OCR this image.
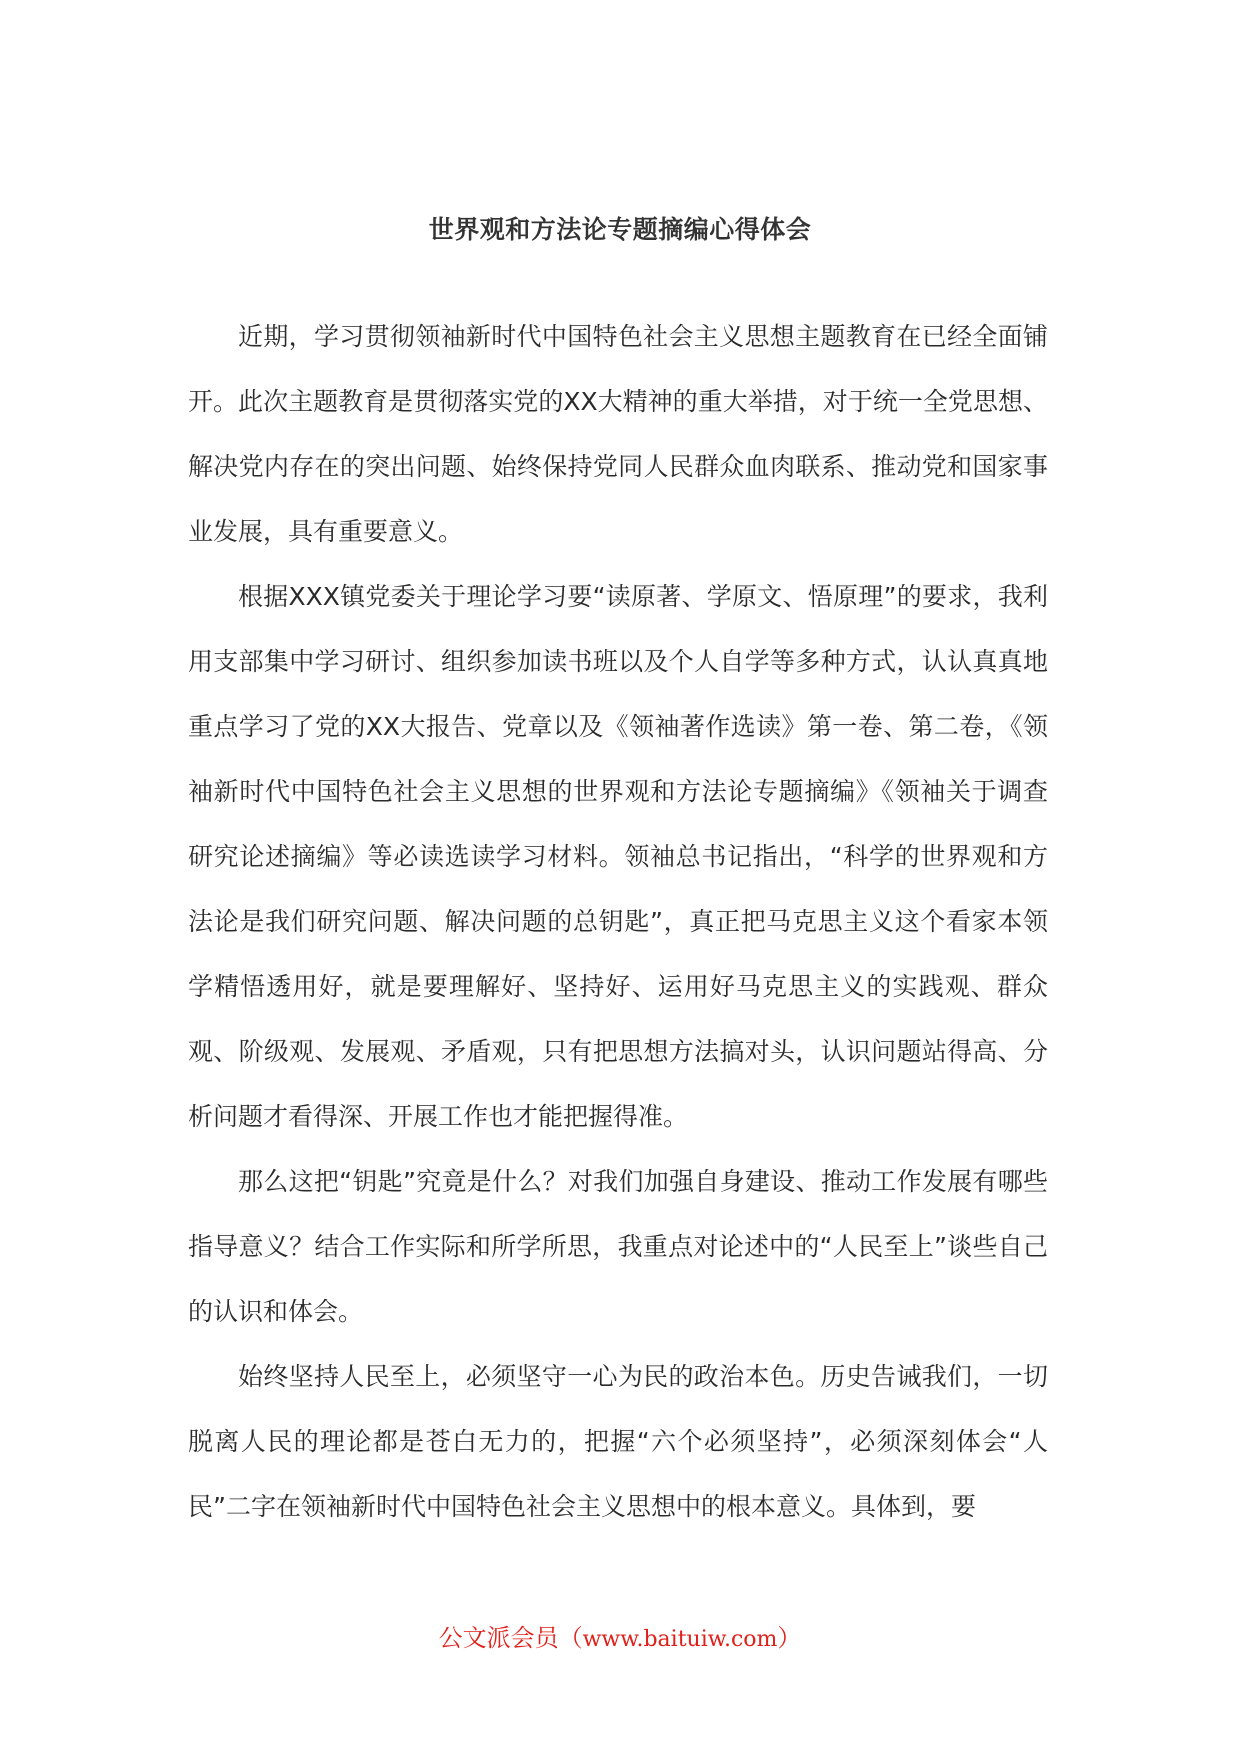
世界观和方法论专题摘编心得体会

近期，学习贯彻领袖新时代中国特色社会主义思想主题教育在已经全面铺开。此次主题教育是贯彻落实党的XX大精神的重大举措，对于统一全党思想、解决党内存在的突出问题、始终保持党同人民群众血肉联系、推动党和国家事业发展，具有重要意义。

根据XXX镇党委关于理论学习要“读原著、学原文、悟原理”的要求，我利用支部集中学习研讨、组织参加读书班以及个人自学等多种方式，认认真真地重点学习了党的XX大报告、党章以及《领袖著作选读》第一卷、第二卷，《领袖新时代中国特色社会主义思想的世界观和方法论专题摘编》《领袖关于调查研究论述摘编》等必读选读学习材料。领袖总书记指出，“科学的世界观和方法论是我们研究问题、解决问题的总钥匙”，真正把马克思主义这个看家本领学精悟透用好，就是要理解好、坚持好、运用好马克思主义的实践观、群众观、阶级观、发展观、矛盾观，只有把思想方法搞对头，认识问题站得高、分析问题才看得深、开展工作也才能把握得准。

那么这把“钥匙”究竟是什么？对我们加强自身建设、推动工作发展有哪些指导意义？结合工作实际和所学所思，我重点对论述中的“人民至上”谈些自己的认识和体会。

始终坚持人民至上，必须坚守一心为民的政治本色。历史告诫我们，一切脱离人民的理论都是苍白无力的，把握“六个必须坚持”，必须深刻体会“人民”二字在领袖新时代中国特色社会主义思想中的根本意义。具体到，要

公文派会员（www.baituiw.com）
